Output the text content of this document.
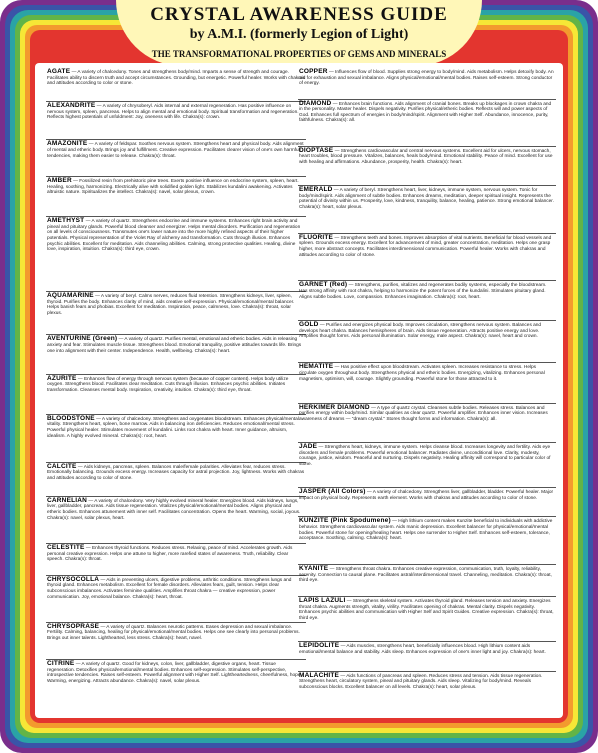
CRYSTAL AWARENESS GUIDE
by A.M.I. (formerly Legion of Light)
THE TRANSFORMATIONAL PROPERTIES OF GEMS AND MINERALS
AGATE — A variety of chalcedony. Tones and strengthens body/mind. Imparts a sense of strength and courage. Facilitates ability to discern truth and accept circumstances. Grounding, but energetic. Powerful healer. Works with chakras and attitudes according to color or stone.
ALEXANDRITE — A variety of chrysoberyl. Aids internal and external regeneration. Has positive influence on nervous system, spleen, pancreas. Helps to align mental and emotional body. Spiritual transformation and regeneration. Reflects highest potentials of unfoldment: Joy, oneness with life. Chakra(s): crown.
AMAZONITE — A variety of feldspar. Soothes nervous system. Strengthens heart and physical body. Aids alignment of mental and etheric body. Brings joy and fulfillment. Creative expression. Facilitates clearer vision of one's own harmful tendencies, making them easier to release. Chakra(s): throat.
AMBER — Fossilized resin from prehistoric pine trees. Exerts positive influence on endocrine system, spleen, heart. Healing, soothing, harmonizing. Electrically alive with solidified golden light. Stabilizes kundalini awakening. Activates altruistic nature. Spiritualizes the intellect. Chakra(s): navel, solar plexus, crown.
AMETHYST — A variety of quartz. Strengthens endocrine and immune systems. Enhances right brain activity and pineal and pituitary glands. Powerful blood cleanser and energizer. Helps mental disorders. Purification and regeneration on all levels of consciousness. Transmutes one's lower nature into the more highly refined aspects of their higher potentials. Physical representation of the Violet Ray of alchemy and transformation. Cuts through illusion. Enhances psychic abilities. Excellent for meditation. Aids channeling abilities. Calming, strong protective qualities. Healing, divine love, inspiration, intuition. Chakra(s): third eye, crown.
AQUAMARINE — A variety of beryl. Calms nerves, reduces fluid retention. Strengthens kidneys, liver, spleen, thyroid. Purifies the body. Enhances clarity of mind, aids creative self-expression. Physical/emotional/mental balancer. Helps banish fears and phobias. Excellent for meditation. Inspiration, peace, calmness, love. Chakra(s): throat, solar plexus.
AVENTURINE (Green) — A variety of quartz. Purifies mental, emotional and etheric bodies. Aids in releasing anxiety and fear. Stimulates muscle tissue. Strengthens blood. Emotional tranquility, positive attitudes towards life. Brings one into alignment with their center. Independence. Health, wellbeing. Chakra(s): heart.
AZURITE — Enhances flow of energy through nervous system (because of copper content). Helps body utilize oxygen. Strengthens blood. Facilitates clear meditation. Cuts through illusion. Enhances psychic abilities. Initiates transformation. Cleanses mental body. Inspiration, creativity, intuition. Chakra(s): third eye, throat.
BLOODSTONE — A variety of chalcedony. Strengthens and oxygenates bloodstream. Enhances physical/mental vitality. Strengthens heart, spleen, bone marrow. Aids in balancing iron deficiencies. Reduces emotional/mental stress. Powerful physical healer. Stimulates movement of kundalini. Links root chakra with heart. Inner guidance, altruism, idealism. A highly evolved mineral. Chakra(s): root, heart.
CALCITE — Aids kidneys, pancreas, spleen. Balances male/female polarities. Alleviates fear, reduces stress. Emotionally balancing. Grounds excess energy. Increases capacity for astral projection. Joy, lightness. Works with chakras and attitudes according to color of stone.
CARNELIAN — A variety of chalcedony. Very highly evolved mineral healer. Energizes blood. Aids kidneys, lungs, liver, gallbladder, pancreas. Aids tissue regeneration. Vitalizes physical/emotional/mental bodies. Aligns physical and etheric bodies. Enhances attunement with inner self. Facilitates concentration. Opens the heart. Warming, social, joyous. Chakra(s): navel, solar plexus, heart.
CELESTITE — Enhances thyroid functions. Reduces stress. Relaxing, peace of mind. Accelerates growth. Aids personal creative expression. Helps one attune to higher, more rarefied states of awareness. Truth, reliability. Clear speech. Chakra(s): throat.
CHRYSOCOLLA — Aids in preventing ulcers, digestive problems, arthritic conditions. Strengthens lungs and thyroid gland. Enhances metabolism. Excellent for female disorders. Alleviates fears, guilt, tension. Helps clear subconscious imbalances. Activates feminine qualities. Amplifies throat chakra — creative expression, power communication. Joy, emotional balance. Chakra(s): heart, throat.
CHRYSOPRASE — A variety of quartz. Balances neurotic patterns. Eases depression and sexual imbalance. Fertility. Calming, balancing, healing for physical/emotional/mental bodies. Helps one see clearly into personal problems. Brings out inner talents. Lighthearted, less stress. Chakra(s): heart, navel.
CITRINE — A variety of quartz. Good for kidneys, colon, liver, gallbladder, digestive organs, heart. Tissue regeneration. Detoxifies physical/emotional/mental bodies. Enhances self-expression. Stimulates self-perspective, introspective tendencies. Raises self-esteem. Powerful alignment with Higher Self. Lightheartedness, cheerfulness, hope. Warming, energizing. Attracts abundance. Chakra(s): navel, solar plexus.
COPPER — Influences flow of blood. Supplies strong energy to body/mind. Aids metabolism. Helps detoxify body. An aid for exhaustion and sexual imbalance. Aligns physical/emotional/mental bodies. Raises self-esteem. Strong conductor of energy.
DIAMOND — Enhances brain functions. Aids alignment of cranial bones. Breaks up blockages in crown chakra and in the personality. Master healer. Dispels negativity. Purifies physical/etheric bodies. Reflects will and power aspects of God. Enhances full spectrum of energies in body/mind/spirit. Alignment with Higher Self. Abundance, innocence, purity, faithfulness. Chakra(s): all.
DIOPTASE — Strengthens cardiovascular and central nervous systems. Excellent aid for ulcers, nervous stomach, heart troubles, blood pressure. Vitalizes, balances, heals body/mind. Emotional stability. Peace of mind. Excellent for use with healing and affirmations. Abundance, prosperity, health. Chakra(s): heart.
EMERALD — A variety of beryl. Strengthens heart, liver, kidneys, immune system, nervous system. Tonic for body/mind/spirit. Aids alignment of subtle bodies. Enhances dreams, meditation, deeper spiritual insight. Represents the potential of divinity within us. Prosperity, love, kindness, tranquility, balance, healing, patience. Strong emotional balancer. Chakra(s): heart, solar plexus.
FLUORITE — Strengthens teeth and bones. Improves absorption of vital nutrients. Beneficial for blood vessels and spleen. Grounds excess energy. Excellent for advancement of mind, greater concentration, meditation. Helps one grasp higher, more abstract concepts. Facilitates interdimensional communication. Powerful healer. Works with chakras and attitudes according to color of stone.
GARNET (Red) — Strengthens, purifies, vitalizes and regenerates bodily systems, especially the bloodstream. Has strong affinity with root chakra, helping to harmonize the potent forces of the kundalini. Stimulates pituitary gland. Aligns subtle bodies. Love, compassion. Enhances imagination. Chakra(s): root, heart.
GOLD — Purifies and energizes physical body. Improves circulation, strengthens nervous system. Balances and develops heart chakra. Balances hemispheres of brain. Aids tissue regeneration. Attracts positive energy and love. Amplifies thought forms. Aids personal illumination. Solar energy, male aspect. Chakra(s): navel, heart and crown.
HEMATITE — Has positive effect upon bloodstream. Activates spleen. Increases resistance to stress. Helps circulate oxygen throughout body. Strengthens physical and etheric bodies. Energizing, vitalizing. Enhances personal magnetism, optimism, will, courage. Slightly grounding. Powerful stone for those attracted to it.
HERKIMER DIAMOND — A type of quartz crystal. Cleanses subtle bodies. Releases stress. Balances and purifies energy within body/mind. Similar qualities as clear quartz. Powerful amplifier. Enhances inner vision. Increases awareness of dreams — "dream crystal." Stores thought forms and information. Chakra(s): all.
JADE — Strengthens heart, kidneys, immune system. Helps cleanse blood. Increases longevity and fertility. Aids eye disorders and female problems. Powerful emotional balancer. Radiates divine, unconditional love. Clarity, modesty, courage, justice, wisdom. Peaceful and nurturing. Dispels negativity. Healing affinity will correspond to particular color of stone.
JASPER (All Colors) — A variety of chalcedony. Strengthens liver, gallbladder, bladder. Powerful healer. Major impact on physical body. Represents earth element. Works with chakras and attitudes according to color of stone.
KUNZITE (Pink Spodumene) — High lithium content makes Kunzite beneficial to individuals with addictive behavior. Strengthens cardiovascular system. Aids manic depression. Excellent balancer for physical/emotional/mental bodies. Powerful stone for opening/healing heart. Helps one surrender to Higher Self. Enhances self-esteem, tolerance, acceptance. Soothing, calming. Chakra(s): heart.
KYANITE — Strengthens throat chakra. Enhances creative expression, communication, truth, loyalty, reliability, serenity. Connection to causal plane. Facilitates astral/interdimensional travel. Channeling, meditation. Chakra(s): throat, third eye.
LAPIS LAZULI — Strengthens skeletal system. Activates thyroid gland. Releases tension and anxiety. Energizes throat chakra. Augments strength, vitality, virility. Facilitates opening of chakras. Mental clarity. Dispels negativity. Enhances psychic abilities and communication with Higher Self and Spirit Guides. Creative expression. Chakra(s): throat, third eye.
LEPIDOLITE — Aids muscles, strengthens heart, beneficially influences blood. High lithium content aids emotional/mental balance and stability. Aids sleep. Enhances expression of one's inner light and joy. Chakra(s): heart.
MALACHITE — Aids functions of pancreas and spleen. Reduces stress and tension. Aids tissue regeneration. Strengthens heart, circulatory system, pineal and pituitary glands. Aids sleep. Vitalizing for body/mind. Reveals subconscious blocks. Excellent balancer on all levels. Chakra(s): heart, solar plexus.
